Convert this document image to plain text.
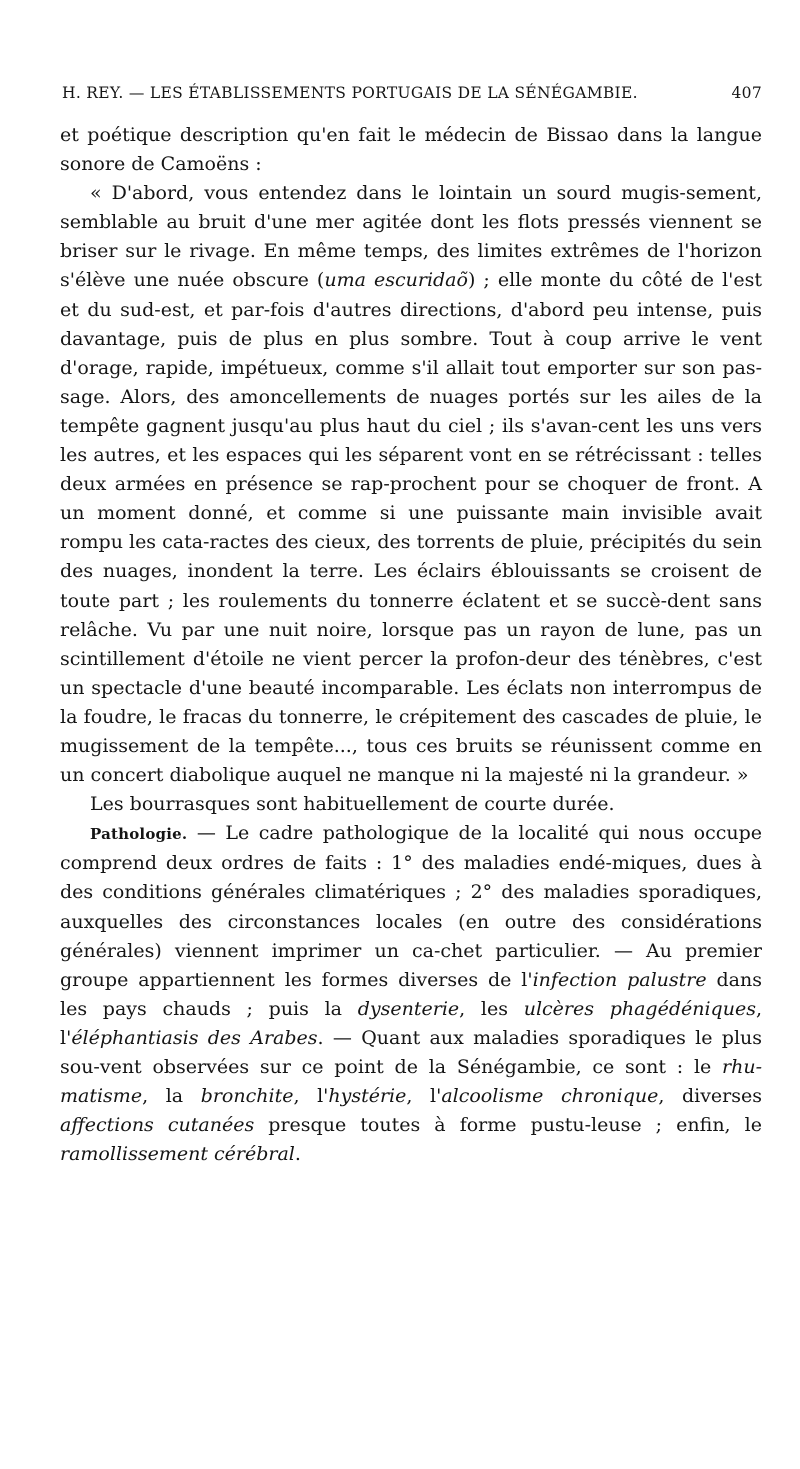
H. REY. — LES ÉTABLISSEMENTS PORTUGAIS DE LA SÉNÉGAMBIE.	407

et poétique description qu'en fait le médecin de Bissao dans la langue sonore de Camoëns :

« D'abord, vous entendez dans le lointain un sourd mugis-sement, semblable au bruit d'une mer agitée dont les flots pressés viennent se briser sur le rivage. En même temps, des limites extrêmes de l'horizon s'élève une nuée obscure (uma escuridaõ) ; elle monte du côté de l'est et du sud-est, et par-fois d'autres directions, d'abord peu intense, puis davantage, puis de plus en plus sombre. Tout à coup arrive le vent d'orage, rapide, impétueux, comme s'il allait tout emporter sur son pas-sage. Alors, des amoncellements de nuages portés sur les ailes de la tempête gagnent jusqu'au plus haut du ciel ; ils s'avan-cent les uns vers les autres, et les espaces qui les séparent vont en se rétrécissant : telles deux armées en présence se rap-prochent pour se choquer de front. A un moment donné, et comme si une puissante main invisible avait rompu les cata-ractes des cieux, des torrents de pluie, précipités du sein des nuages, inondent la terre. Les éclairs éblouissants se croisent de toute part ; les roulements du tonnerre éclatent et se succè-dent sans relâche. Vu par une nuit noire, lorsque pas un rayon de lune, pas un scintillement d'étoile ne vient percer la profon-deur des ténèbres, c'est un spectacle d'une beauté incomparable. Les éclats non interrompus de la foudre, le fracas du tonnerre, le crépitement des cascades de pluie, le mugissement de la tempête..., tous ces bruits se réunissent comme en un concert diabolique auquel ne manque ni la majesté ni la grandeur. »

Les bourrasques sont habituellement de courte durée.

Pathologie. — Le cadre pathologique de la localité qui nous occupe comprend deux ordres de faits : 1° des maladies endé-miques, dues à des conditions générales climatériques ; 2° des maladies sporadiques, auxquelles des circonstances locales (en outre des considérations générales) viennent imprimer un ca-chet particulier. — Au premier groupe appartiennent les formes diverses de l'infection palustre dans les pays chauds ; puis la dysenterie, les ulcères phagédéniques, l'éléphantiasis des Arabes. — Quant aux maladies sporadiques le plus sou-vent observées sur ce point de la Sénégambie, ce sont : le rhu-matisme, la bronchite, l'hystérie, l'alcoolisme chronique, diverses affections cutanées presque toutes à forme pustu-leuse ; enfin, le ramollissement cérébral.
